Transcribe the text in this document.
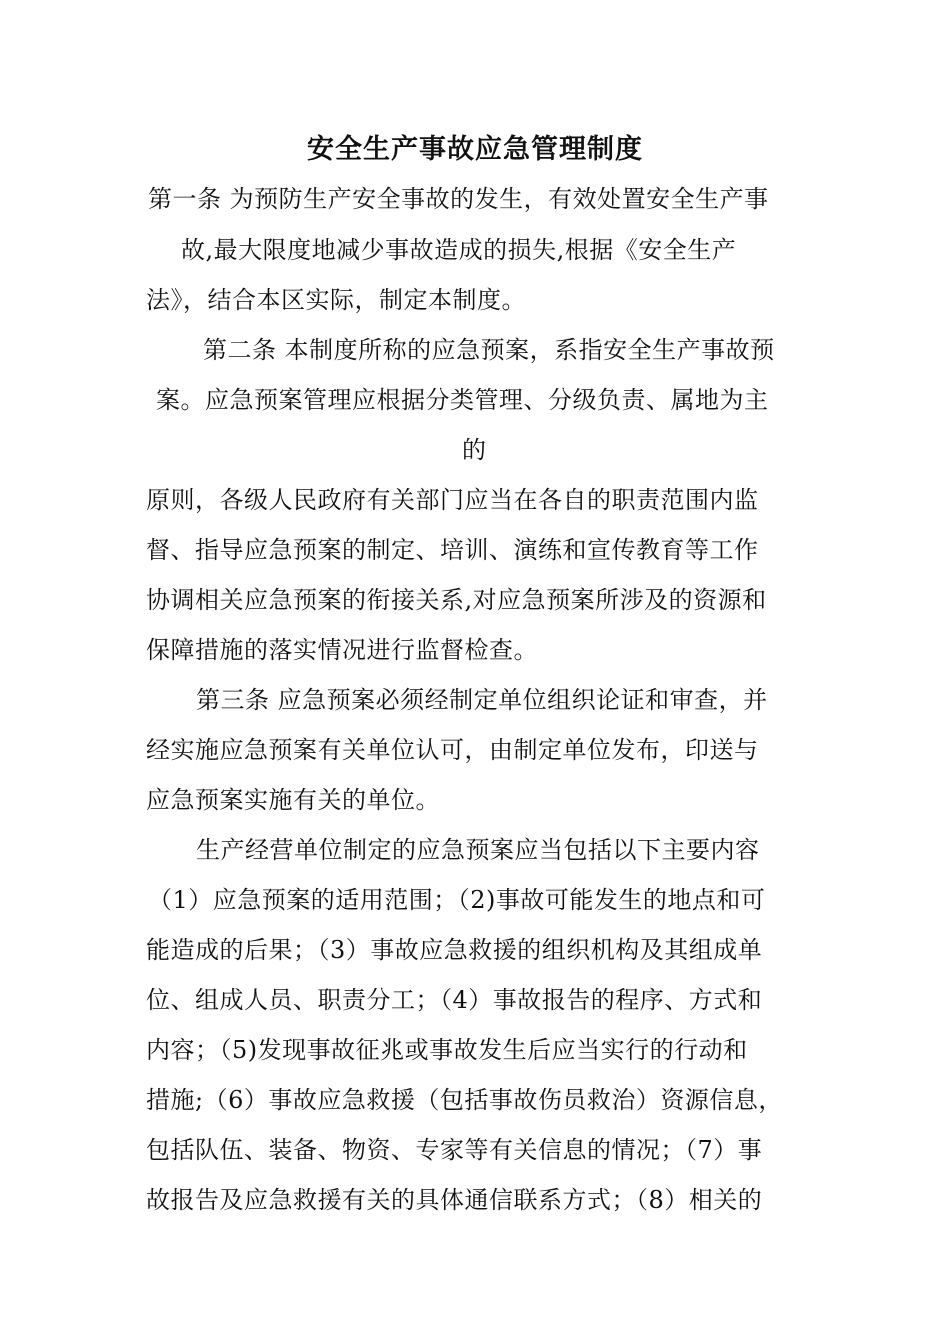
安全生产事故应急管理制度
第一条 为预防生产安全事故的发生，有效处置安全生产事
故,最大限度地减少事故造成的损失,根据《安全生产
法》，结合本区实际，制定本制度。
第二条 本制度所称的应急预案，系指安全生产事故预
案。应急预案管理应根据分类管理、分级负责、属地为主
的
原则，各级人民政府有关部门应当在各自的职责范围内监
督、指导应急预案的制定、培训、演练和宣传教育等工作
协调相关应急预案的衔接关系,对应急预案所涉及的资源和
保障措施的落实情况进行监督检查。
第三条 应急预案必须经制定单位组织论证和审查，并
经实施应急预案有关单位认可，由制定单位发布，印送与
应急预案实施有关的单位。
生产经营单位制定的应急预案应当包括以下主要内容
（1）应急预案的适用范围；（2)事故可能发生的地点和可
能造成的后果；（3）事故应急救援的组织机构及其组成单
位、组成人员、职责分工；（4）事故报告的程序、方式和
内容；（5)发现事故征兆或事故发生后应当实行的行动和
措施;（6）事故应急救援（包括事故伤员救治）资源信息，
包括队伍、装备、物资、专家等有关信息的情况；（7）事
故报告及应急救援有关的具体通信联系方式；（8）相关的
